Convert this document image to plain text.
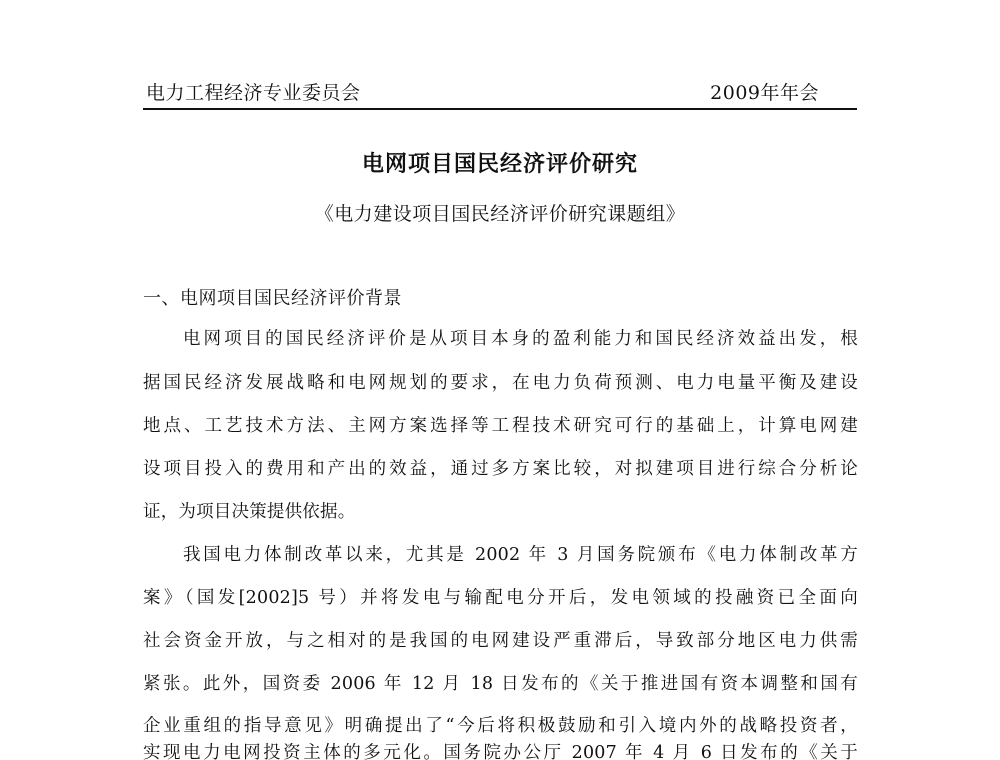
电力工程经济专业委员会	2009年年会
电网项目国民经济评价研究
《电力建设项目国民经济评价研究课题组》
一、电网项目国民经济评价背景
电网项目的国民经济评价是从项目本身的盈利能力和国民经济效益出发，根
据国民经济发展战略和电网规划的要求，在电力负荷预测、电力电量平衡及建设
地点、工艺技术方法、主网方案选择等工程技术研究可行的基础上，计算电网建
设项目投入的费用和产出的效益，通过多方案比较，对拟建项目进行综合分析论
证，为项目决策提供依据。
我国电力体制改革以来，尤其是 2002 年 3 月国务院颁布《电力体制改革方
案》（国发[2002]5 号）并将发电与输配电分开后，发电领域的投融资已全面向
社会资金开放，与之相对的是我国的电网建设严重滞后，导致部分地区电力供需
紧张。此外，国资委 2006 年 12 月 18 日发布的《关于推进国有资本调整和国有
企业重组的指导意见》明确提出了“今后将积极鼓励和引入境内外的战略投资者，
实现电力电网投资主体的多元化。国务院办公厅 2007 年 4 月 6 日发布的《关于
